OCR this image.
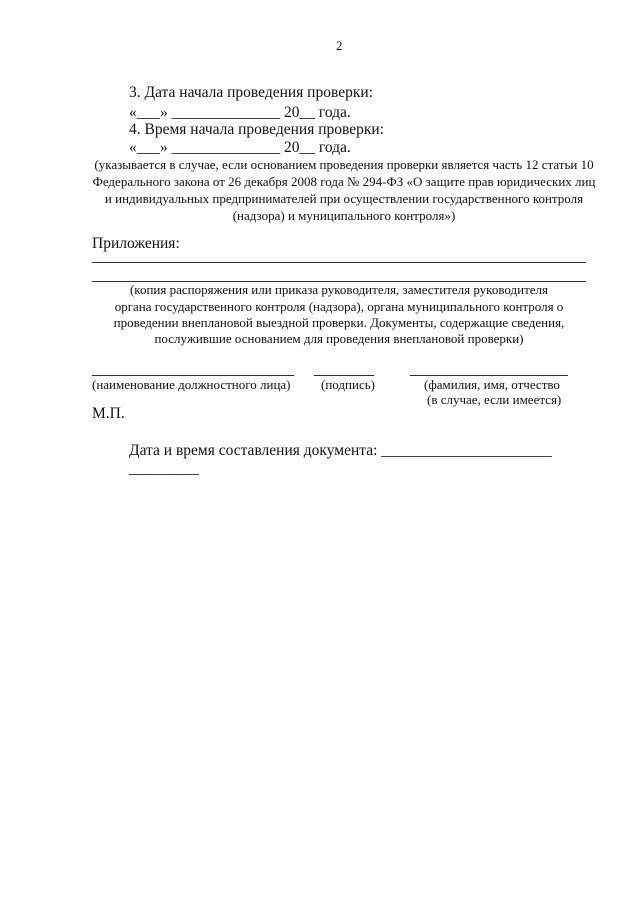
2
3. Дата начала проведения проверки:
«___» ______________ 20__ года.
4. Время начала проведения проверки:
«___» ______________ 20__ года.
(указывается в случае, если основанием проведения проверки является часть 12 статьи 10
Федерального закона от 26 декабря 2008 года № 294-ФЗ «О защите прав юридических лиц
и индивидуальных предпринимателей при осуществлении государственного контроля
(надзора) и муниципального контроля»)
Приложения:
(копия распоряжения или приказа руководителя, заместителя руководителя
органа государственного контроля (надзора), органа муниципального контроля о
проведении внеплановой выездной проверки. Документы, содержащие сведения,
послужившие основанием для проведения внеплановой проверки)
(наименование должностного лица) (подпись)	(фамилия, имя, отчество
(в случае, если имеется)
М.П.
Дата и время составления документа: ______________________
_________
